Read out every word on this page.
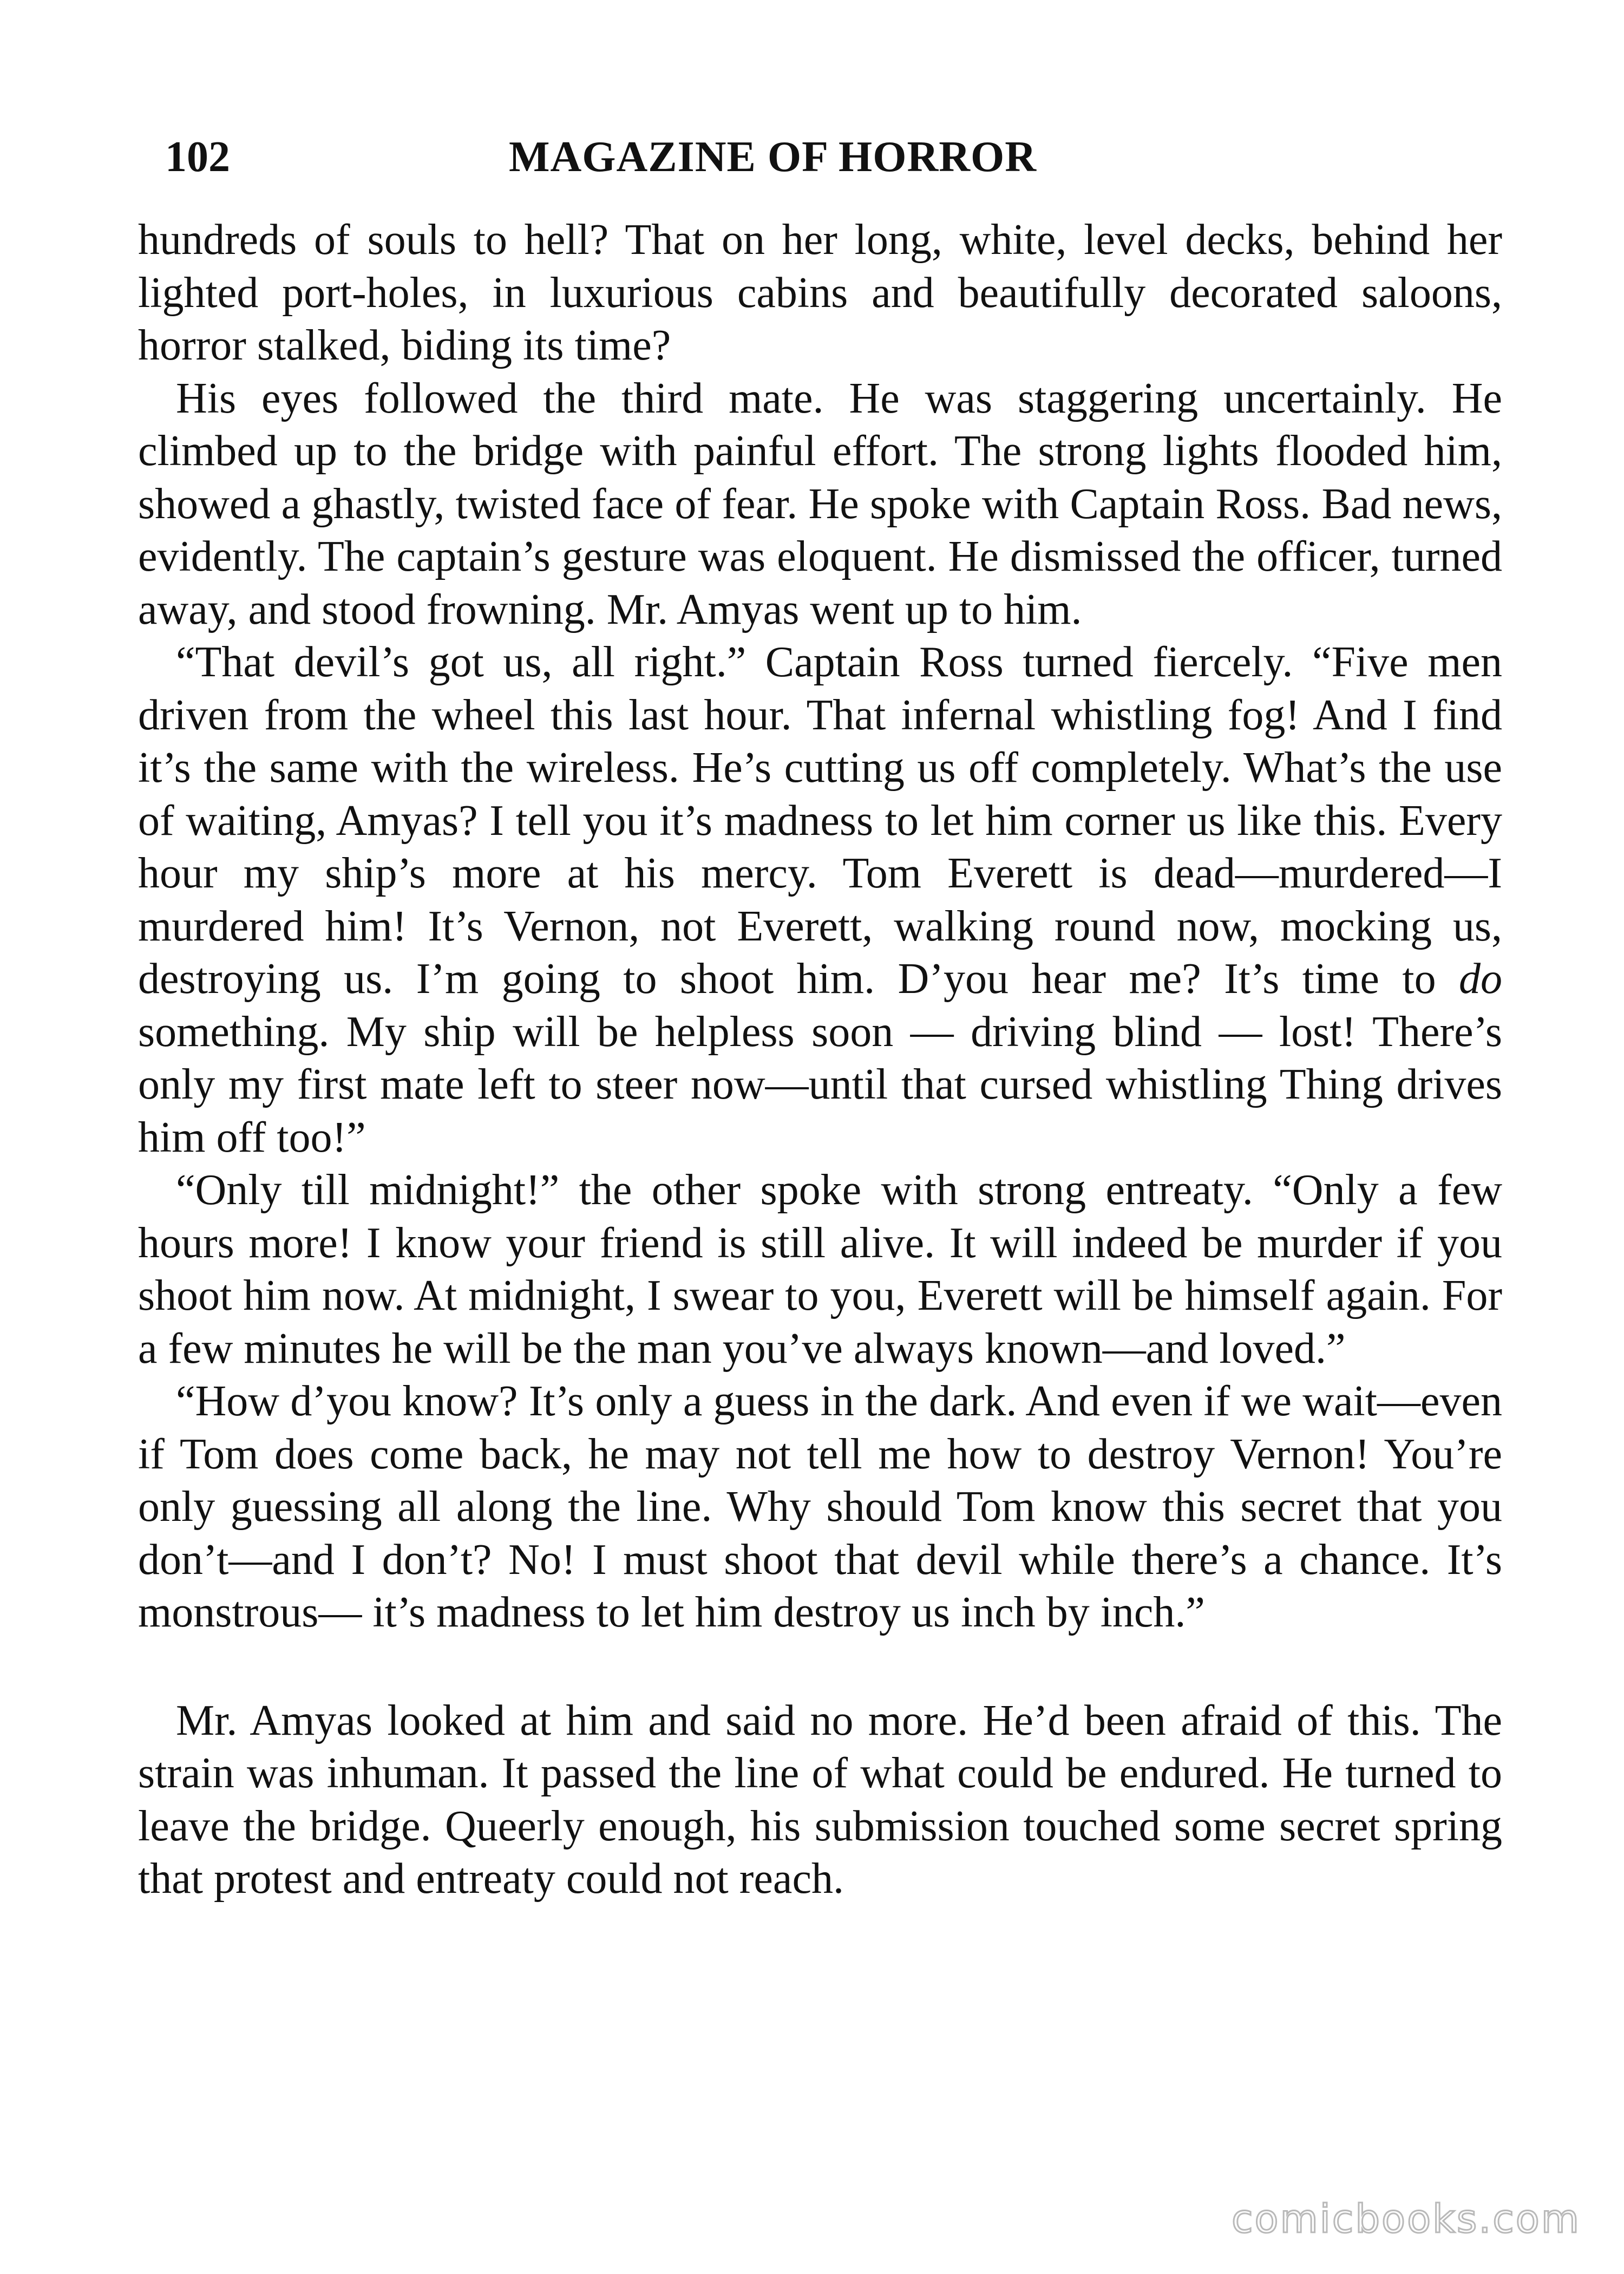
102	MAGAZINE OF HORROR

hundreds of souls to hell? That on her long, white, level decks, behind her lighted port-holes, in luxurious cabins and beautifully decorated saloons, horror stalked, biding its time?

His eyes followed the third mate. He was staggering uncertainly. He climbed up to the bridge with painful effort. The strong lights flooded him, showed a ghastly, twisted face of fear. He spoke with Captain Ross. Bad news, evidently. The captain’s gesture was eloquent. He dismissed the officer, turned away, and stood frowning. Mr. Amyas went up to him.

“That devil’s got us, all right.” Captain Ross turned fiercely. “Five men driven from the wheel this last hour. That infernal whistling fog! And I find it’s the same with the wireless. He’s cutting us off completely. What’s the use of waiting, Amyas? I tell you it’s madness to let him corner us like this. Every hour my ship’s more at his mercy. Tom Everett is dead—murdered—I murdered him! It’s Vernon, not Everett, walking round now, mocking us, destroying us. I’m going to shoot him. D’you hear me? It’s time to do something. My ship will be helpless soon — driving blind — lost! There’s only my first mate left to steer now—until that cursed whistling Thing drives him off too!”

“Only till midnight!” the other spoke with strong entreaty. “Only a few hours more! I know your friend is still alive. It will indeed be murder if you shoot him now. At midnight, I swear to you, Everett will be himself again. For a few minutes he will be the man you’ve always known—and loved.”

“How d’you know? It’s only a guess in the dark. And even if we wait—even if Tom does come back, he may not tell me how to destroy Vernon! You’re only guessing all along the line. Why should Tom know this secret that you don’t—and I don’t? No! I must shoot that devil while there’s a chance. It’s monstrous— it’s madness to let him destroy us inch by inch.”

Mr. Amyas looked at him and said no more. He’d been afraid of this. The strain was inhuman. It passed the line of what could be endured. He turned to leave the bridge. Queerly enough, his submission touched some secret spring that protest and entreaty could not reach.

comicbooks.com
